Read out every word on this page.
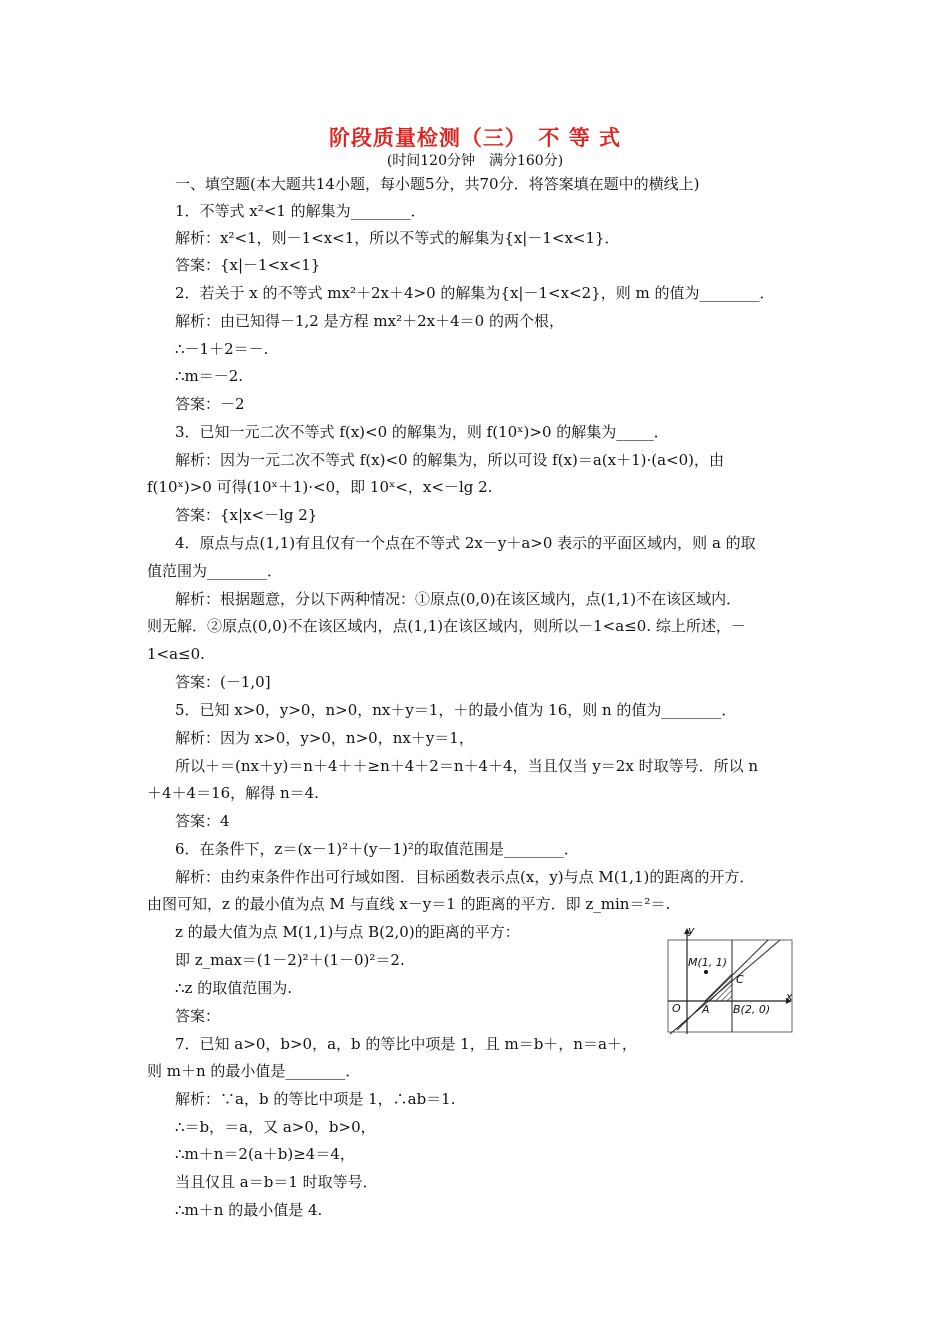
阶段质量检测（三）　不 等 式
(时间120分钟　满分160分)
一、填空题(本大题共14小题，每小题5分，共70分．将答案填在题中的横线上)
1．不等式 x²<1 的解集为________．
解析：x²<1，则－1<x<1，所以不等式的解集为{x|－1<x<1}．
答案：{x|－1<x<1}
2．若关于 x 的不等式 mx²＋2x＋4>0 的解集为{x|－1<x<2}，则 m 的值为________．
解析：由已知得－1,2 是方程 mx²＋2x＋4＝0 的两个根，
∴－1＋2＝－.
∴m＝－2.
答案：－2
3．已知一元二次不等式 f(x)<0 的解集为，则 f(10ˣ)>0 的解集为_____．
解析：因为一元二次不等式 f(x)<0 的解集为，所以可设 f(x)＝a(x＋1)·(a<0)，由
f(10ˣ)>0 可得(10ˣ＋1)·<0，即 10ˣ<，x<－lg 2.
答案：{x|x<－lg 2}
4．原点与点(1,1)有且仅有一个点在不等式 2x－y＋a>0 表示的平面区域内，则 a 的取
值范围为________．
解析：根据题意，分以下两种情况：①原点(0,0)在该区域内，点(1,1)不在该区域内．
则无解．②原点(0,0)不在该区域内，点(1,1)在该区域内，则所以－1<a≤0. 综上所述，－
1<a≤0.
答案：(－1,0]
5．已知 x>0，y>0，n>0，nx＋y＝1，＋的最小值为 16，则 n 的值为________．
解析：因为 x>0，y>0，n>0，nx＋y＝1，
所以＋＝(nx＋y)＝n＋4＋＋≥n＋4＋2＝n＋4＋4，当且仅当 y＝2x 时取等号．所以 n
＋4＋4＝16，解得 n＝4.
答案：4
6．在条件下，z＝(x－1)²＋(y－1)²的取值范围是________．
解析：由约束条件作出可行域如图．目标函数表示点(x，y)与点 M(1,1)的距离的开方．
由图可知，z 的最小值为点 M 与直线 x－y＝1 的距离的平方．即 z_min＝²＝.
z 的最大值为点 M(1,1)与点 B(2,0)的距离的平方：
即 z_max＝(1－2)²＋(1－0)²＝2.
∴z 的取值范围为.
答案：
7．已知 a>0，b>0，a，b 的等比中项是 1，且 m＝b＋，n＝a＋，
则 m＋n 的最小值是________．
解析：∵a，b 的等比中项是 1，∴ab＝1.
∴＝b，＝a，又 a>0，b>0，
∴m＋n＝2(a＋b)≥4＝4，
当且仅且 a＝b＝1 时取等号．
∴m＋n 的最小值是 4.
y
x
O
M(1, 1)
A B(2, 0)
C
